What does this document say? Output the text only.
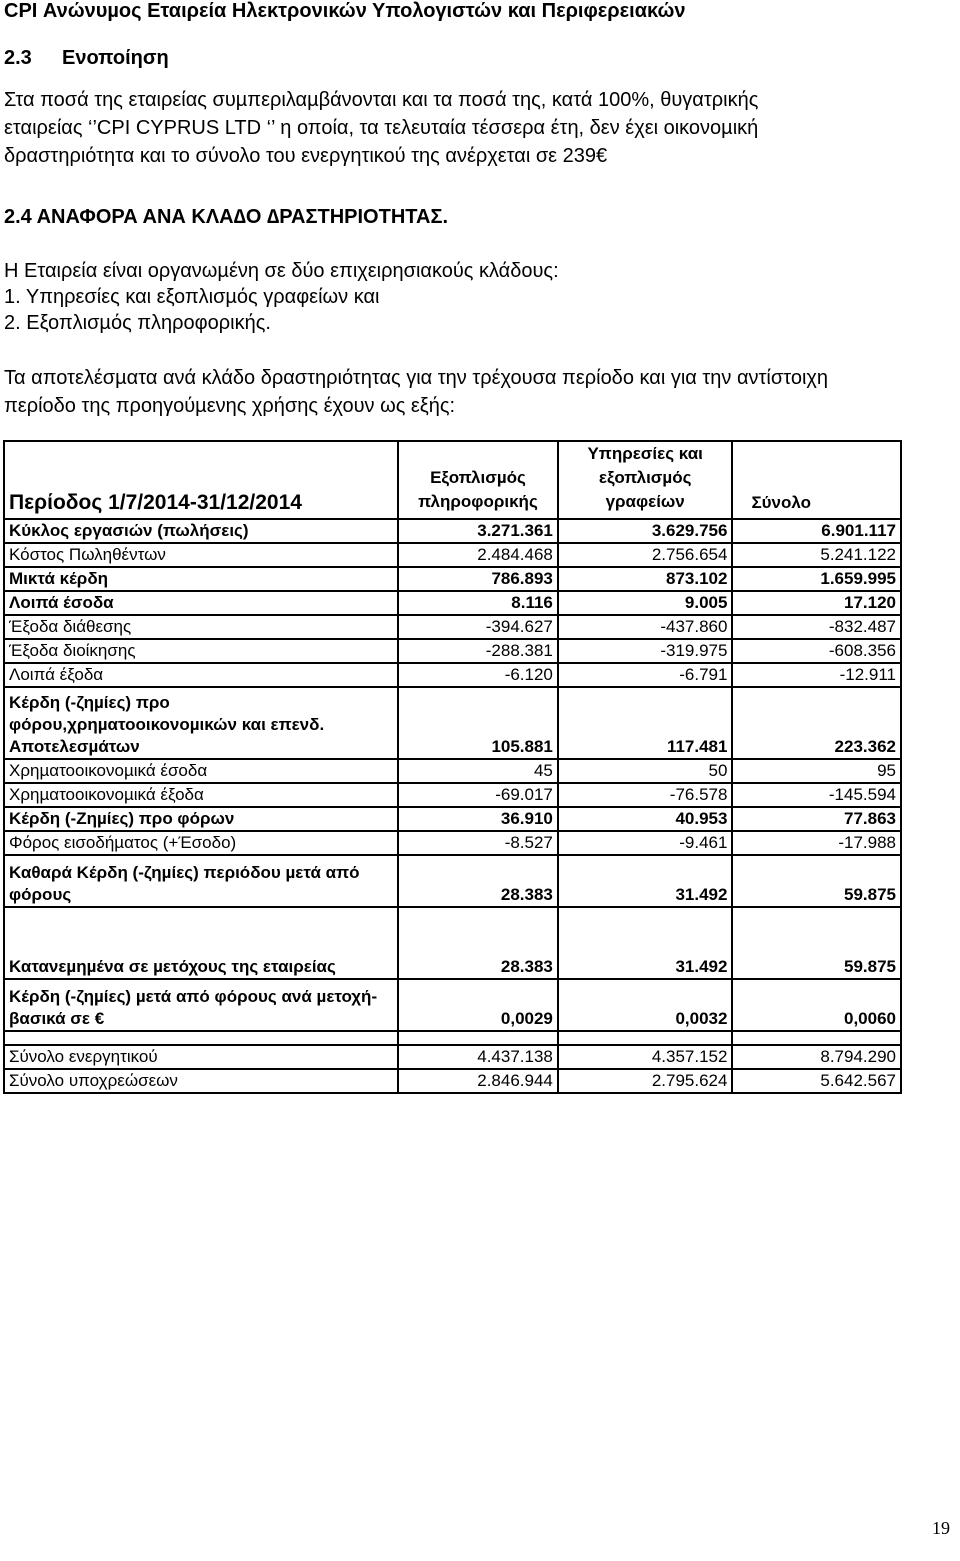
CPI Ανώνυµος Εταιρεία Ηλεκτρονικών Υπολογιστών και Περιφερειακών
2.3 Ενοποίηση
Στα ποσά της εταιρείας συµπεριλαµβάνονται και τα ποσά της, κατά 100%, θυγατρικής
εταιρείας ‘’CPI CYPRUS LTD ‘’ η οποία, τα τελευταία τέσσερα έτη, δεν έχει οικονοµική
δραστηριότητα και το σύνολο του ενεργητικού της ανέρχεται σε 239€
2.4 ΑΝΑΦΟΡΑ ΑΝΑ ΚΛΑ∆Ο ∆ΡΑΣΤΗΡΙΟΤΗΤΑΣ.
Η Εταιρεία είναι οργανωµένη σε δύο επιχειρησιακούς κλάδους:
1. Υπηρεσίες και εξοπλισµός γραφείων και
2. Εξοπλισµός πληροφορικής.
Τα αποτελέσµατα ανά κλάδο δραστηριότητας για την τρέχουσα περίοδο και για την αντίστοιχη
περίοδο της προηγούµενης χρήσης έχουν ως εξής:
Περίοδος 1/7/2014-31/12/2014	Εξοπλισµός πληροφορικής	Υπηρεσίες και εξοπλισµός γραφείων	Σύνολο
Κύκλος εργασιών (πωλήσεις)	3.271.361	3.629.756	6.901.117
Κόστος Πωληθέντων	2.484.468	2.756.654	5.241.122
Μικτά κέρδη	786.893	873.102	1.659.995
Λοιπά έσοδα	8.116	9.005	17.120
Έξοδα διάθεσης	-394.627	-437.860	-832.487
Έξοδα διοίκησης	-288.381	-319.975	-608.356
Λοιπά έξοδα	-6.120	-6.791	-12.911
Κέρδη (-ζηµίες) προ φόρου,χρηµατοοικονοµικών και επενδ. Αποτελεσµάτων	105.881	117.481	223.362
Χρηµατοοικονοµικά έσοδα	45	50	95
Χρηµατοοικονοµικά έξοδα	-69.017	-76.578	-145.594
Κέρδη (-Ζηµίες) προ φόρων	36.910	40.953	77.863
Φόρος εισοδήµατος (+Έσοδο)	-8.527	-9.461	-17.988
Καθαρά Κέρδη (-ζηµίες) περιόδου µετά από φόρους	28.383	31.492	59.875
Κατανεµηµένα σε µετόχους της εταιρείας	28.383	31.492	59.875
Κέρδη (-ζηµίες) µετά από φόρους ανά µετοχή-βασικά σε €	0,0029	0,0032	0,0060

Σύνολο ενεργητικού	4.437.138	4.357.152	8.794.290
Σύνολο υποχρεώσεων	2.846.944	2.795.624	5.642.567
19
